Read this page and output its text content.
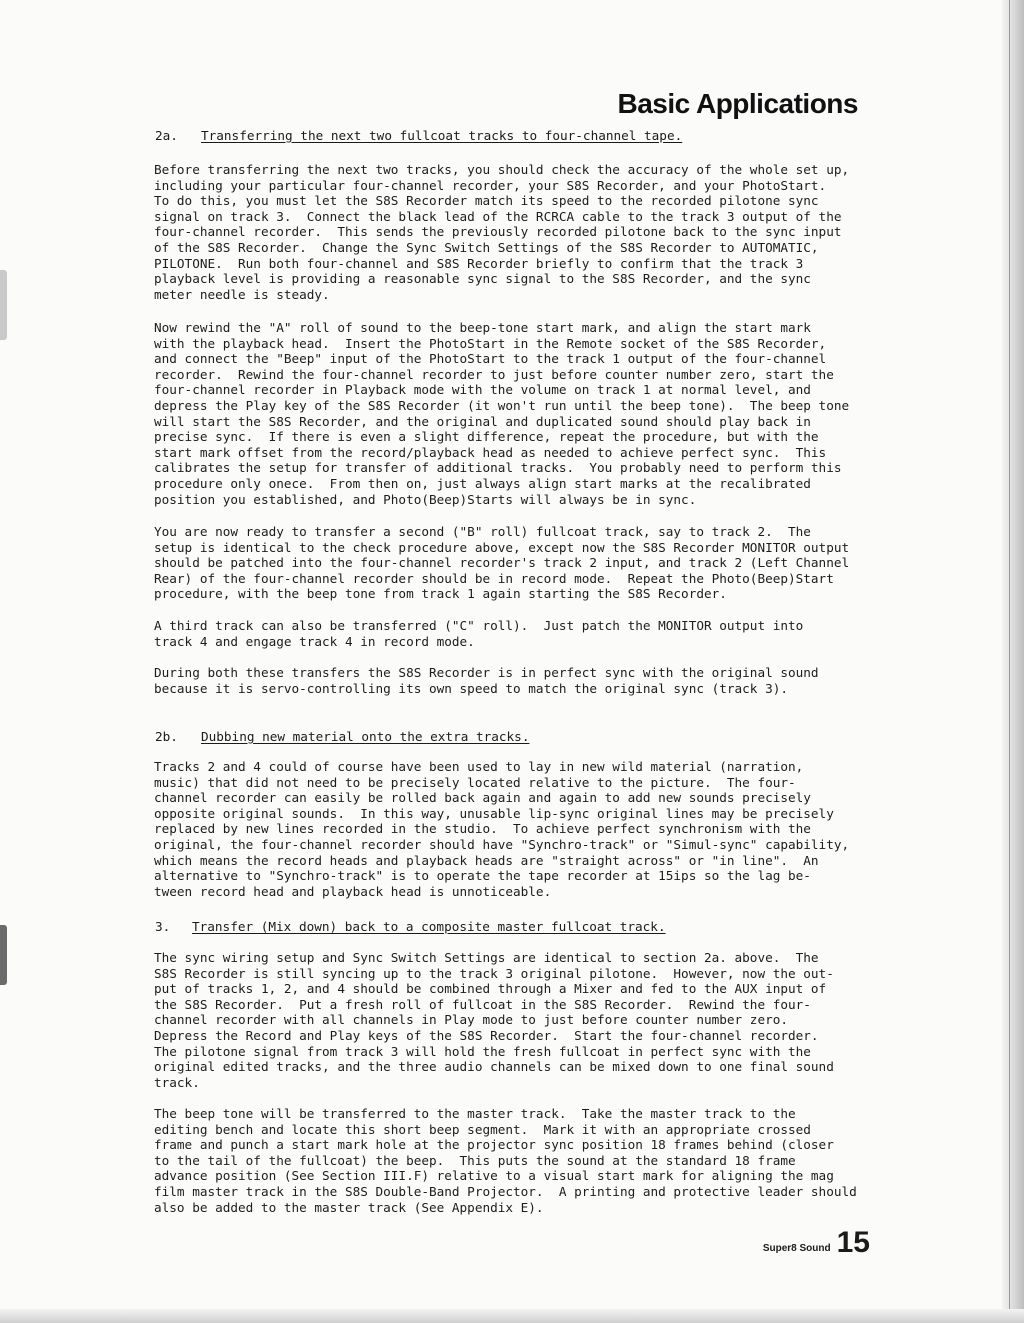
Basic Applications
2a. Transferring the next two fullcoat tracks to four-channel tape.

Before transferring the next two tracks, you should check the accuracy of the whole set up,
including your particular four-channel recorder, your S8S Recorder, and your PhotoStart.
To do this, you must let the S8S Recorder match its speed to the recorded pilotone sync
signal on track 3.  Connect the black lead of the RCRCA cable to the track 3 output of the
four-channel recorder.  This sends the previously recorded pilotone back to the sync input
of the S8S Recorder.  Change the Sync Switch Settings of the S8S Recorder to AUTOMATIC,
PILOTONE.  Run both four-channel and S8S Recorder briefly to confirm that the track 3
playback level is providing a reasonable sync signal to the S8S Recorder, and the sync
meter needle is steady.

Now rewind the "A" roll of sound to the beep-tone start mark, and align the start mark
with the playback head.  Insert the PhotoStart in the Remote socket of the S8S Recorder,
and connect the "Beep" input of the PhotoStart to the track 1 output of the four-channel
recorder.  Rewind the four-channel recorder to just before counter number zero, start the
four-channel recorder in Playback mode with the volume on track 1 at normal level, and
depress the Play key of the S8S Recorder (it won't run until the beep tone).  The beep tone
will start the S8S Recorder, and the original and duplicated sound should play back in
precise sync.  If there is even a slight difference, repeat the procedure, but with the
start mark offset from the record/playback head as needed to achieve perfect sync.  This
calibrates the setup for transfer of additional tracks.  You probably need to perform this
procedure only onece.  From then on, just always align start marks at the recalibrated
position you established, and Photo(Beep)Starts will always be in sync.

You are now ready to transfer a second ("B" roll) fullcoat track, say to track 2.  The
setup is identical to the check procedure above, except now the S8S Recorder MONITOR output
should be patched into the four-channel recorder's track 2 input, and track 2 (Left Channel
Rear) of the four-channel recorder should be in record mode.  Repeat the Photo(Beep)Start
procedure, with the beep tone from track 1 again starting the S8S Recorder.

A third track can also be transferred ("C" roll).  Just patch the MONITOR output into
track 4 and engage track 4 in record mode.

During both these transfers the S8S Recorder is in perfect sync with the original sound
because it is servo-controlling its own speed to match the original sync (track 3).

2b. Dubbing new material onto the extra tracks.

Tracks 2 and 4 could of course have been used to lay in new wild material (narration,
music) that did not need to be precisely located relative to the picture.  The four-
channel recorder can easily be rolled back again and again to add new sounds precisely
opposite original sounds.  In this way, unusable lip-sync original lines may be precisely
replaced by new lines recorded in the studio.  To achieve perfect synchronism with the
original, the four-channel recorder should have "Synchro-track" or "Simul-sync" capability,
which means the record heads and playback heads are "straight across" or "in line".  An
alternative to "Synchro-track" is to operate the tape recorder at 15ips so the lag be-
tween record head and playback head is unnoticeable.

3. Transfer (Mix down) back to a composite master fullcoat track.

The sync wiring setup and Sync Switch Settings are identical to section 2a. above.  The
S8S Recorder is still syncing up to the track 3 original pilotone.  However, now the out-
put of tracks 1, 2, and 4 should be combined through a Mixer and fed to the AUX input of
the S8S Recorder.  Put a fresh roll of fullcoat in the S8S Recorder.  Rewind the four-
channel recorder with all channels in Play mode to just before counter number zero.
Depress the Record and Play keys of the S8S Recorder.  Start the four-channel recorder.
The pilotone signal from track 3 will hold the fresh fullcoat in perfect sync with the
original edited tracks, and the three audio channels can be mixed down to one final sound
track.

The beep tone will be transferred to the master track.  Take the master track to the
editing bench and locate this short beep segment.  Mark it with an appropriate crossed
frame and punch a start mark hole at the projector sync position 18 frames behind (closer
to the tail of the fullcoat) the beep.  This puts the sound at the standard 18 frame
advance position (See Section III.F) relative to a visual start mark for aligning the mag
film master track in the S8S Double-Band Projector.  A printing and protective leader should
also be added to the master track (See Appendix E).

Super8 Sound 15
